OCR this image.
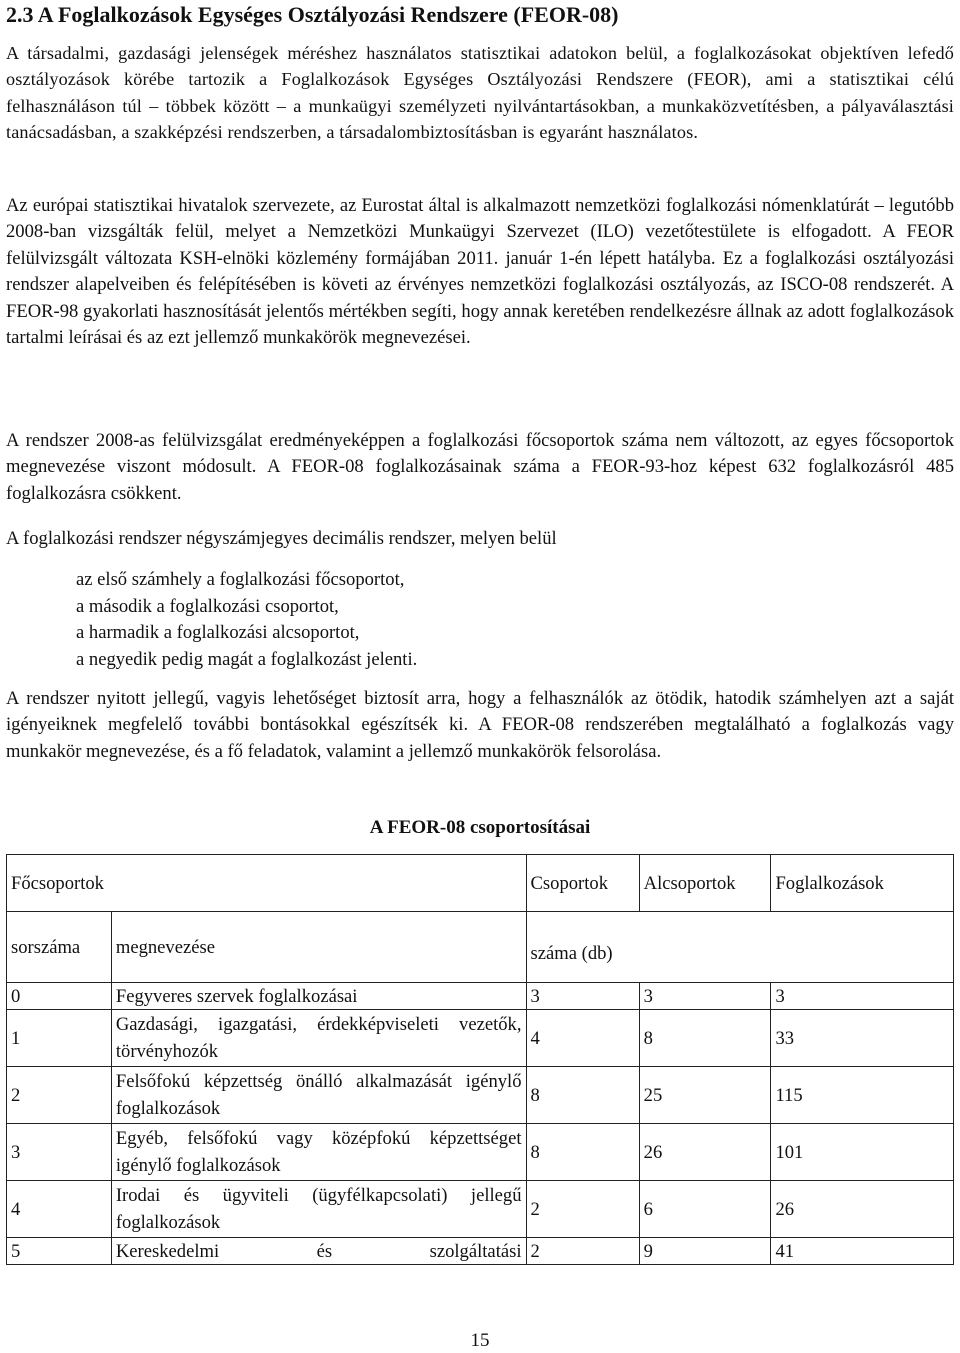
2.3 A Foglalkozások Egységes Osztályozási Rendszere (FEOR-08)

A társadalmi, gazdasági jelenségek méréshez használatos statisztikai adatokon belül, a foglalkozásokat objektíven lefedő osztályozások körébe tartozik a Foglalkozások Egységes Osztályozási Rendszere (FEOR), ami a statisztikai célú felhasználáson túl – többek között – a munkaügyi személyzeti nyilvántartásokban, a munkaközvetítésben, a pályaválasztási tanácsadásban, a szakképzési rendszerben, a társadalombiztosításban is egyaránt használatos.

Az európai statisztikai hivatalok szervezete, az Eurostat által is alkalmazott nemzetközi foglalkozási nómenklatúrát – legutóbb 2008-ban vizsgálták felül, melyet a Nemzetközi Munkaügyi Szervezet (ILO) vezetőtestülete is elfogadott. A FEOR felülvizsgált változata KSH-elnöki közlemény formájában 2011. január 1-én lépett hatályba. Ez a foglalkozási osztályozási rendszer alapelveiben és felépítésében is követi az érvényes nemzetközi foglalkozási osztályozás, az ISCO-08 rendszerét. A FEOR-98 gyakorlati hasznosítását jelentős mértékben segíti, hogy annak keretében rendelkezésre állnak az adott foglalkozások tartalmi leírásai és az ezt jellemző munkakörök megnevezései.

A rendszer 2008-as felülvizsgálat eredményeképpen a foglalkozási főcsoportok száma nem változott, az egyes főcsoportok megnevezése viszont módosult. A FEOR-08 foglalkozásainak száma a FEOR-93-hoz képest 632 foglalkozásról 485 foglalkozásra csökkent.

A foglalkozási rendszer négyszámjegyes decimális rendszer, melyen belül

az első számhely a foglalkozási főcsoportot,
a második a foglalkozási csoportot,
a harmadik a foglalkozási alcsoportot,
a negyedik pedig magát a foglalkozást jelenti.

A rendszer nyitott jellegű, vagyis lehetőséget biztosít arra, hogy a felhasználók az ötödik, hatodik számhelyen azt a saját igényeiknek megfelelő további bontásokkal egészítsék ki. A FEOR-08 rendszerében megtalálható a foglalkozás vagy munkakör megnevezése, és a fő feladatok, valamint a jellemző munkakörök felsorolása.

A FEOR-08 csoportosításai
Főcsoportok		Csoportok	Alcsoportok	Foglalkozások
sorszáma	megnevezése	száma (db)		
0	Fegyveres szervek foglalkozásai	3	3	3
1	Gazdasági, igazgatási, érdekképviseleti vezetők, törvényhozók	4	8	33
2	Felsőfokú képzettség önálló alkalmazását igénylő foglalkozások	8	25	115
3	Egyéb, felsőfokú vagy középfokú képzettséget igénylő foglalkozások	8	26	101
4	Irodai és ügyviteli (ügyfélkapcsolati) jellegű foglalkozások	2	6	26
5	Kereskedelmi és szolgáltatási	2	9	41
15
